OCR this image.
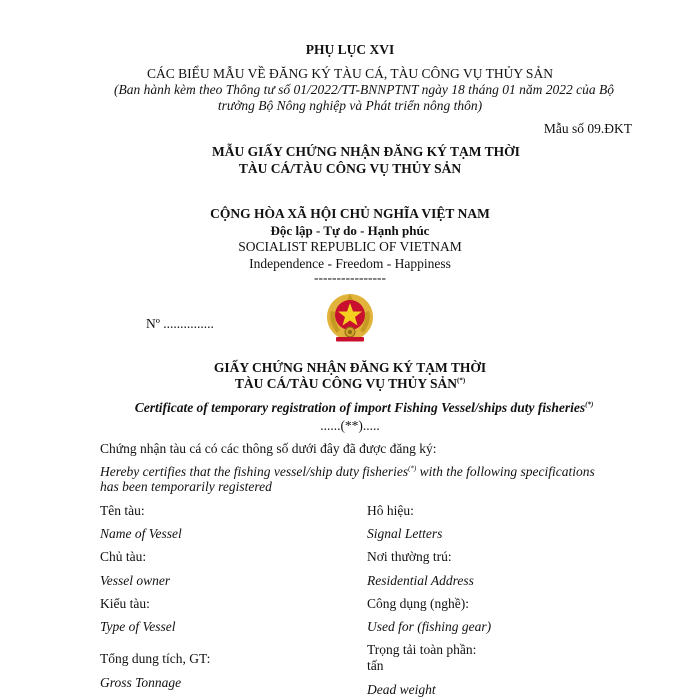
PHỤ LỤC XVI
CÁC BIỂU MẪU VỀ ĐĂNG KÝ TÀU CÁ, TÀU CÔNG VỤ THỦY SẢN
(Ban hành kèm theo Thông tư số 01/2022/TT-BNNPTNT ngày 18 tháng 01 năm 2022 của Bộ
trưởng Bộ Nông nghiệp và Phát triển nông thôn)
Mẫu số 09.ĐKT
MẪU GIẤY CHỨNG NHẬN ĐĂNG KÝ TẠM THỜI
TÀU CÁ/TÀU CÔNG VỤ THỦY SẢN
CỘNG HÒA XÃ HỘI CHỦ NGHĨA VIỆT NAM
Độc lập - Tự do - Hạnh phúc
SOCIALIST REPUBLIC OF VIETNAM
Independence - Freedom - Happiness
----------------
Nº ...............
GIẤY CHỨNG NHẬN ĐĂNG KÝ TẠM THỜI
TÀU CÁ/TÀU CÔNG VỤ THỦY SẢN(*)
Certificate of temporary registration of import Fishing Vessel/ships duty fisheries(*)
......(**).....
Chứng nhận tàu cá có các thông số dưới đây đã được đăng ký:
Hereby certifies that the fishing vessel/ship duty fisheries(*) with the following specifications
has been temporarily registered
Tên tàu:
Name of Vessel
Hô hiệu:
Signal Letters
Chủ tàu:
Vessel owner
Nơi thường trú:
Residential Address
Kiểu tàu:
Type of Vessel
Công dụng (nghề):
Used for (fishing gear)
Tổng dung tích, GT:
Gross Tonnage
Trọng tải toàn phần:
tấn
Dead weight
